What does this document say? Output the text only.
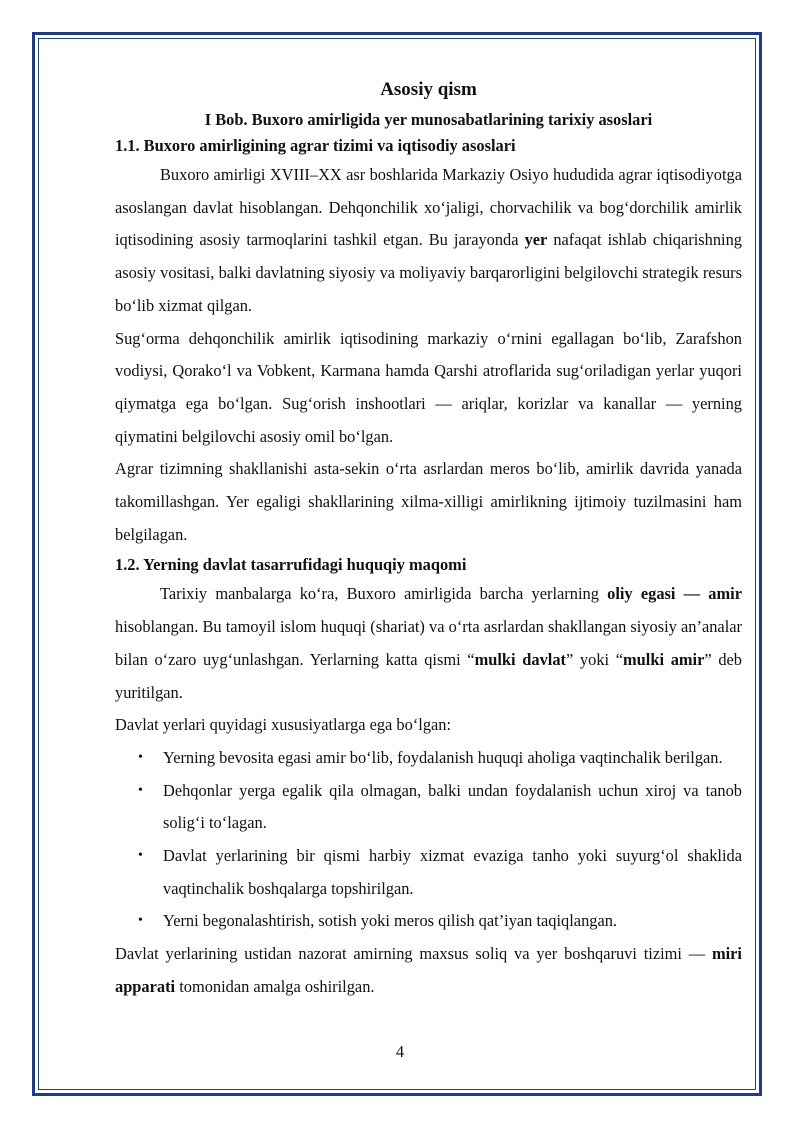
Asosiy qism
I Bob. Buxoro amirligida yer munosabatlarining tarixiy asoslari
1.1. Buxoro amirligining agrar tizimi va iqtisodiy asoslari

Buxoro amirligi XVIII–XX asr boshlarida Markaziy Osiyo hududida agrar iqtisodiyotga asoslangan davlat hisoblangan. Dehqonchilik xo‘jaligi, chorvachilik va bog‘dorchilik amirlik iqtisodining asosiy tarmoqlarini tashkil etgan. Bu jarayonda yer nafaqat ishlab chiqarishning asosiy vositasi, balki davlatning siyosiy va moliyaviy barqarorligini belgilovchi strategik resurs bo‘lib xizmat qilgan.

Sug‘orma dehqonchilik amirlik iqtisodining markaziy o‘rnini egallagan bo‘lib, Zarafshon vodiysi, Qorako‘l va Vobkent, Karmana hamda Qarshi atroflarida sug‘oriladigan yerlar yuqori qiymatga ega bo‘lgan. Sug‘orish inshootlari — ariqlar, korizlar va kanallar — yerning qiymatini belgilovchi asosiy omil bo‘lgan.

Agrar tizimning shakllanishi asta-sekin o‘rta asrlardan meros bo‘lib, amirlik davrida yanada takomillashgan. Yer egaligi shakllarining xilma-xilligi amirlikning ijtimoiy tuzilmasini ham belgilagan.

1.2. Yerning davlat tasarrufidagi huquqiy maqomi

Tarixiy manbalarga ko‘ra, Buxoro amirligida barcha yerlarning oliy egasi — amir hisoblangan. Bu tamoyil islom huquqi (shariat) va o‘rta asrlardan shakllangan siyosiy an’analar bilan o‘zaro uyg‘unlashgan. Yerlarning katta qismi “mulki davlat” yoki “mulki amir” deb yuritilgan.

Davlat yerlari quyidagi xususiyatlarga ega bo‘lgan:

• Yerning bevosita egasi amir bo‘lib, foydalanish huquqi aholiga vaqtinchalik berilgan.
• Dehqonlar yerga egalik qila olmagan, balki undan foydalanish uchun xiroj va tanob solig‘i to‘lagan.
• Davlat yerlarining bir qismi harbiy xizmat evaziga tanho yoki suyurg‘ol shaklida vaqtinchalik boshqalarga topshirilgan.
• Yerni begonalashtirish, sotish yoki meros qilish qat’iyan taqiqlangan.

Davlat yerlarining ustidan nazorat amirning maxsus soliq va yer boshqaruvi tizimi — miri apparati tomonidan amalga oshirilgan.

4
